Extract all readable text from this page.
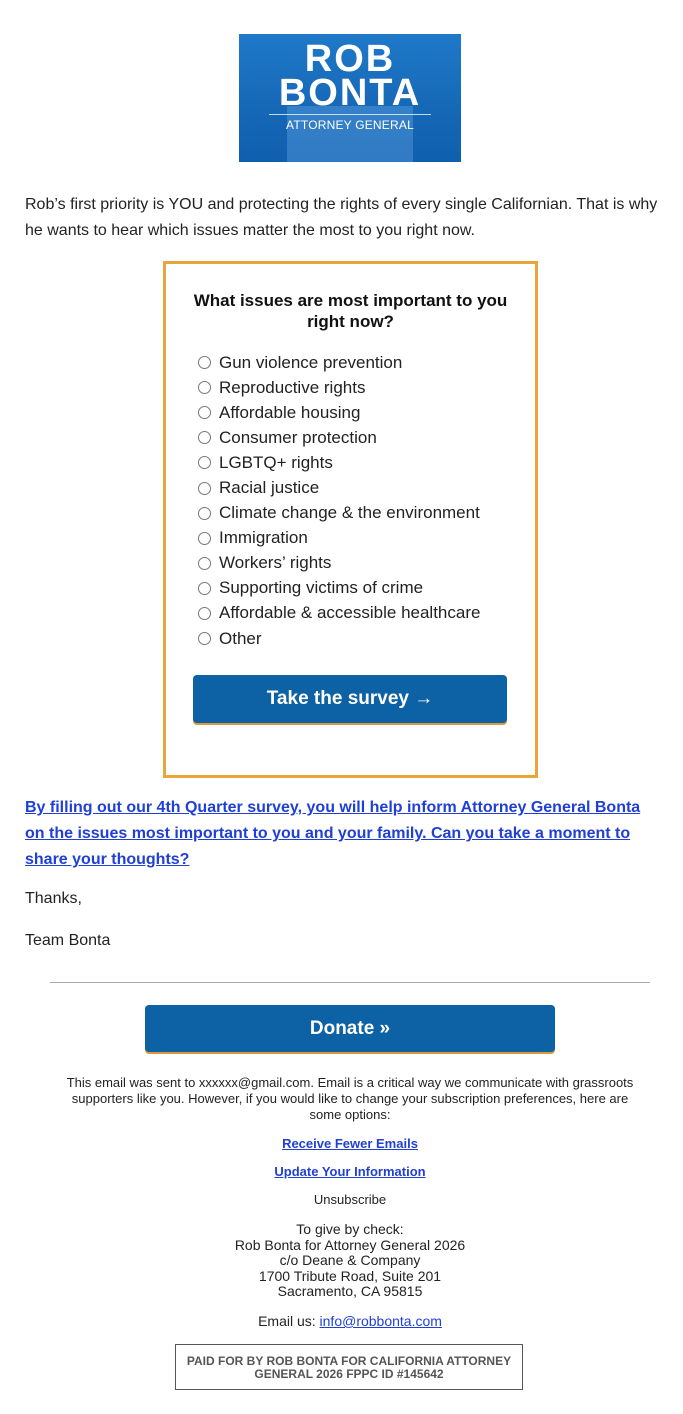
ROB
BONTA
ATTORNEY GENERAL

Rob’s first priority is YOU and protecting the rights of every single Californian. That is why he wants to hear which issues matter the most to you right now.

What issues are most important to you right now?
Gun violence prevention
Reproductive rights
Affordable housing
Consumer protection
LGBTQ+ rights
Racial justice
Climate change & the environment
Immigration
Workers’ rights
Supporting victims of crime
Affordable & accessible healthcare
Other
Take the survey →
By filling out our 4th Quarter survey, you will help inform Attorney General Bonta on the issues most important to you and your family. Can you take a moment to share your thoughts?
Thanks,
Team Bonta
Donate »
This email was sent to xxxxxx@gmail.com. Email is a critical way we communicate with grassroots supporters like you. However, if you would like to change your subscription preferences, here are some options:
Receive Fewer Emails
Update Your Information
Unsubscribe
To give by check:
Rob Bonta for Attorney General 2026
c/o Deane & Company
1700 Tribute Road, Suite 201
Sacramento, CA 95815
Email us: info@robbonta.com
PAID FOR BY ROB BONTA FOR CALIFORNIA ATTORNEY GENERAL 2026 FPPC ID #145642
